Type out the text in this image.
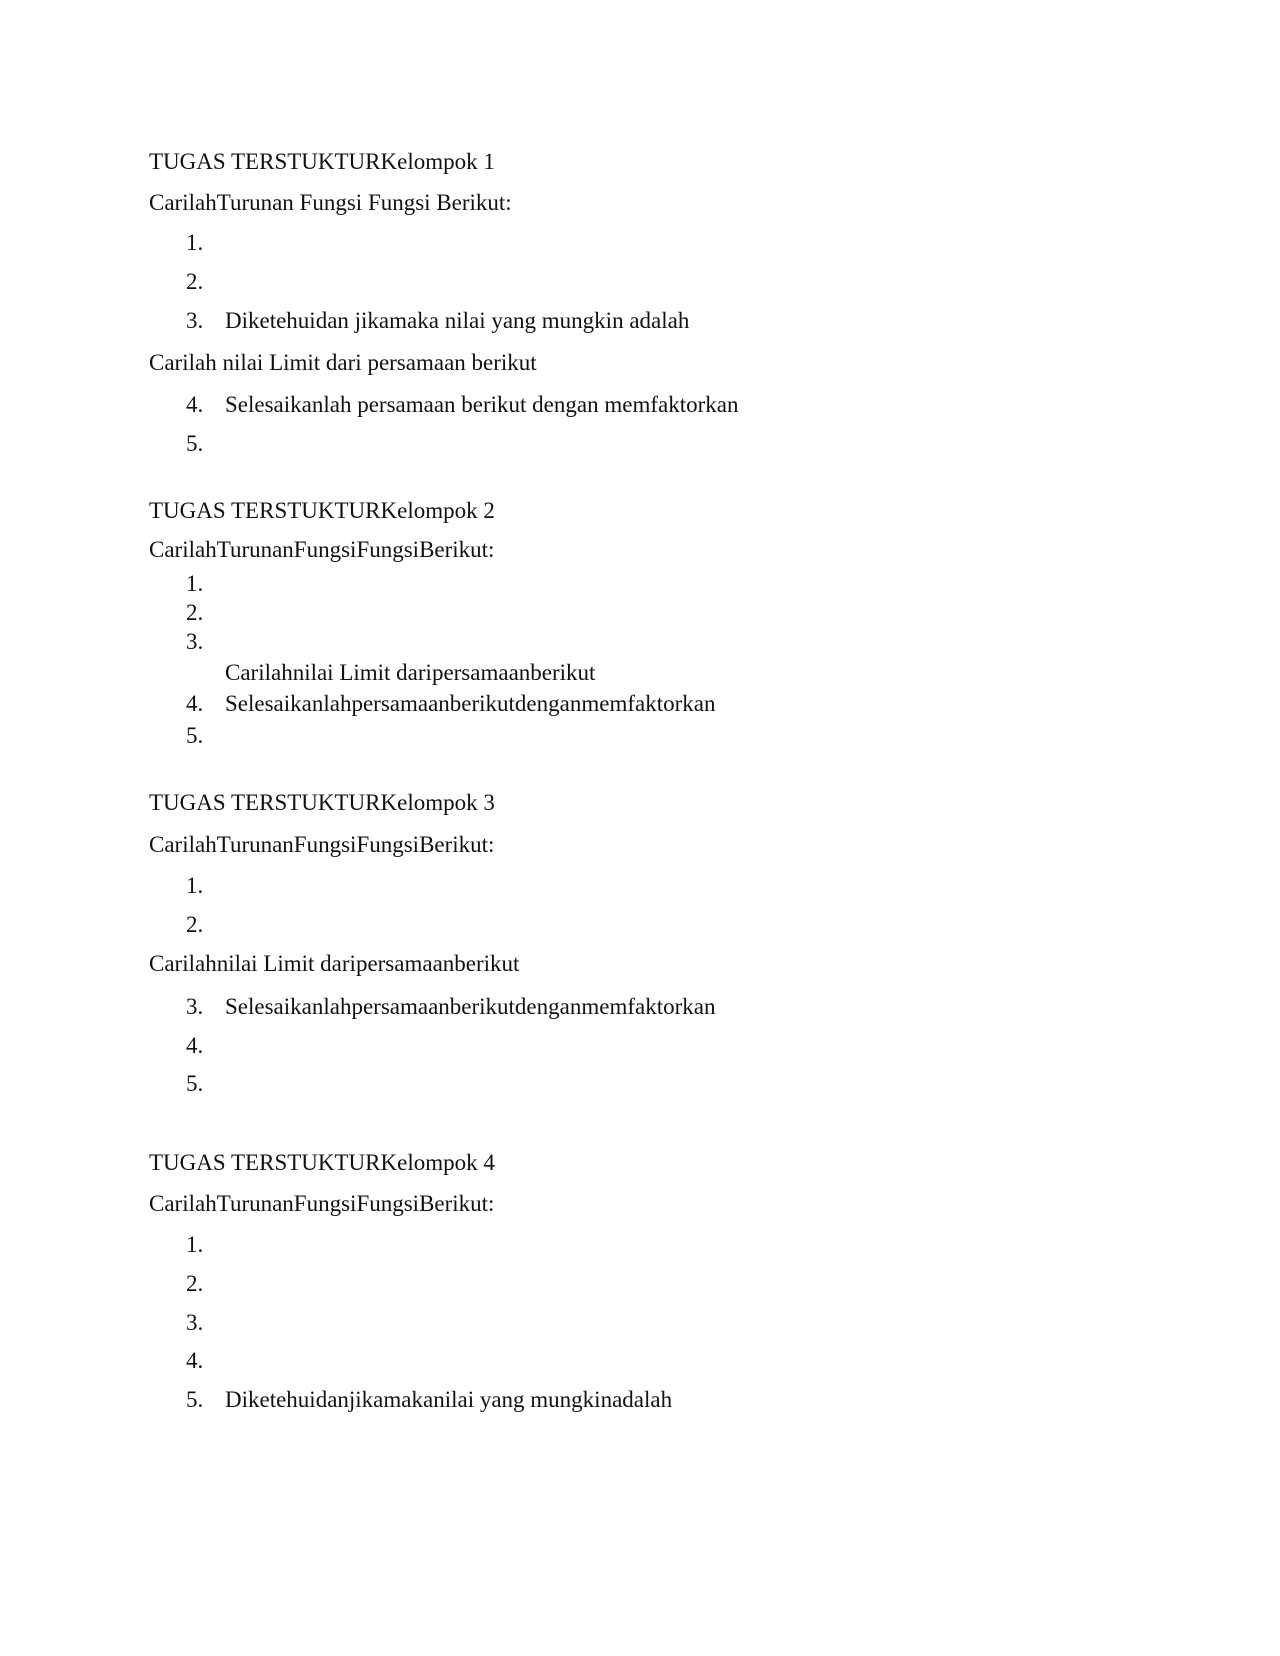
TUGAS TERSTUKTURKelompok 1
CarilahTurunan Fungsi Fungsi Berikut:
1.
2.
3. Diketehuidan jikamaka nilai yang mungkin adalah
Carilah nilai Limit dari persamaan berikut
4. Selesaikanlah persamaan berikut dengan memfaktorkan
5.
TUGAS TERSTUKTURKelompok 2
CarilahTurunanFungsiFungsiBerikut:
1.
2.
3.
Carilahnilai Limit daripersamaanberikut
4. Selesaikanlahpersamaanberikutdenganmemfaktorkan
5.
TUGAS TERSTUKTURKelompok 3
CarilahTurunanFungsiFungsiBerikut:
1.
2.
Carilahnilai Limit daripersamaanberikut
3. Selesaikanlahpersamaanberikutdenganmemfaktorkan
4.
5.
TUGAS TERSTUKTURKelompok 4
CarilahTurunanFungsiFungsiBerikut:
1.
2.
3.
4.
5. Diketehuidanjikamakanilai yang mungkinadalah
